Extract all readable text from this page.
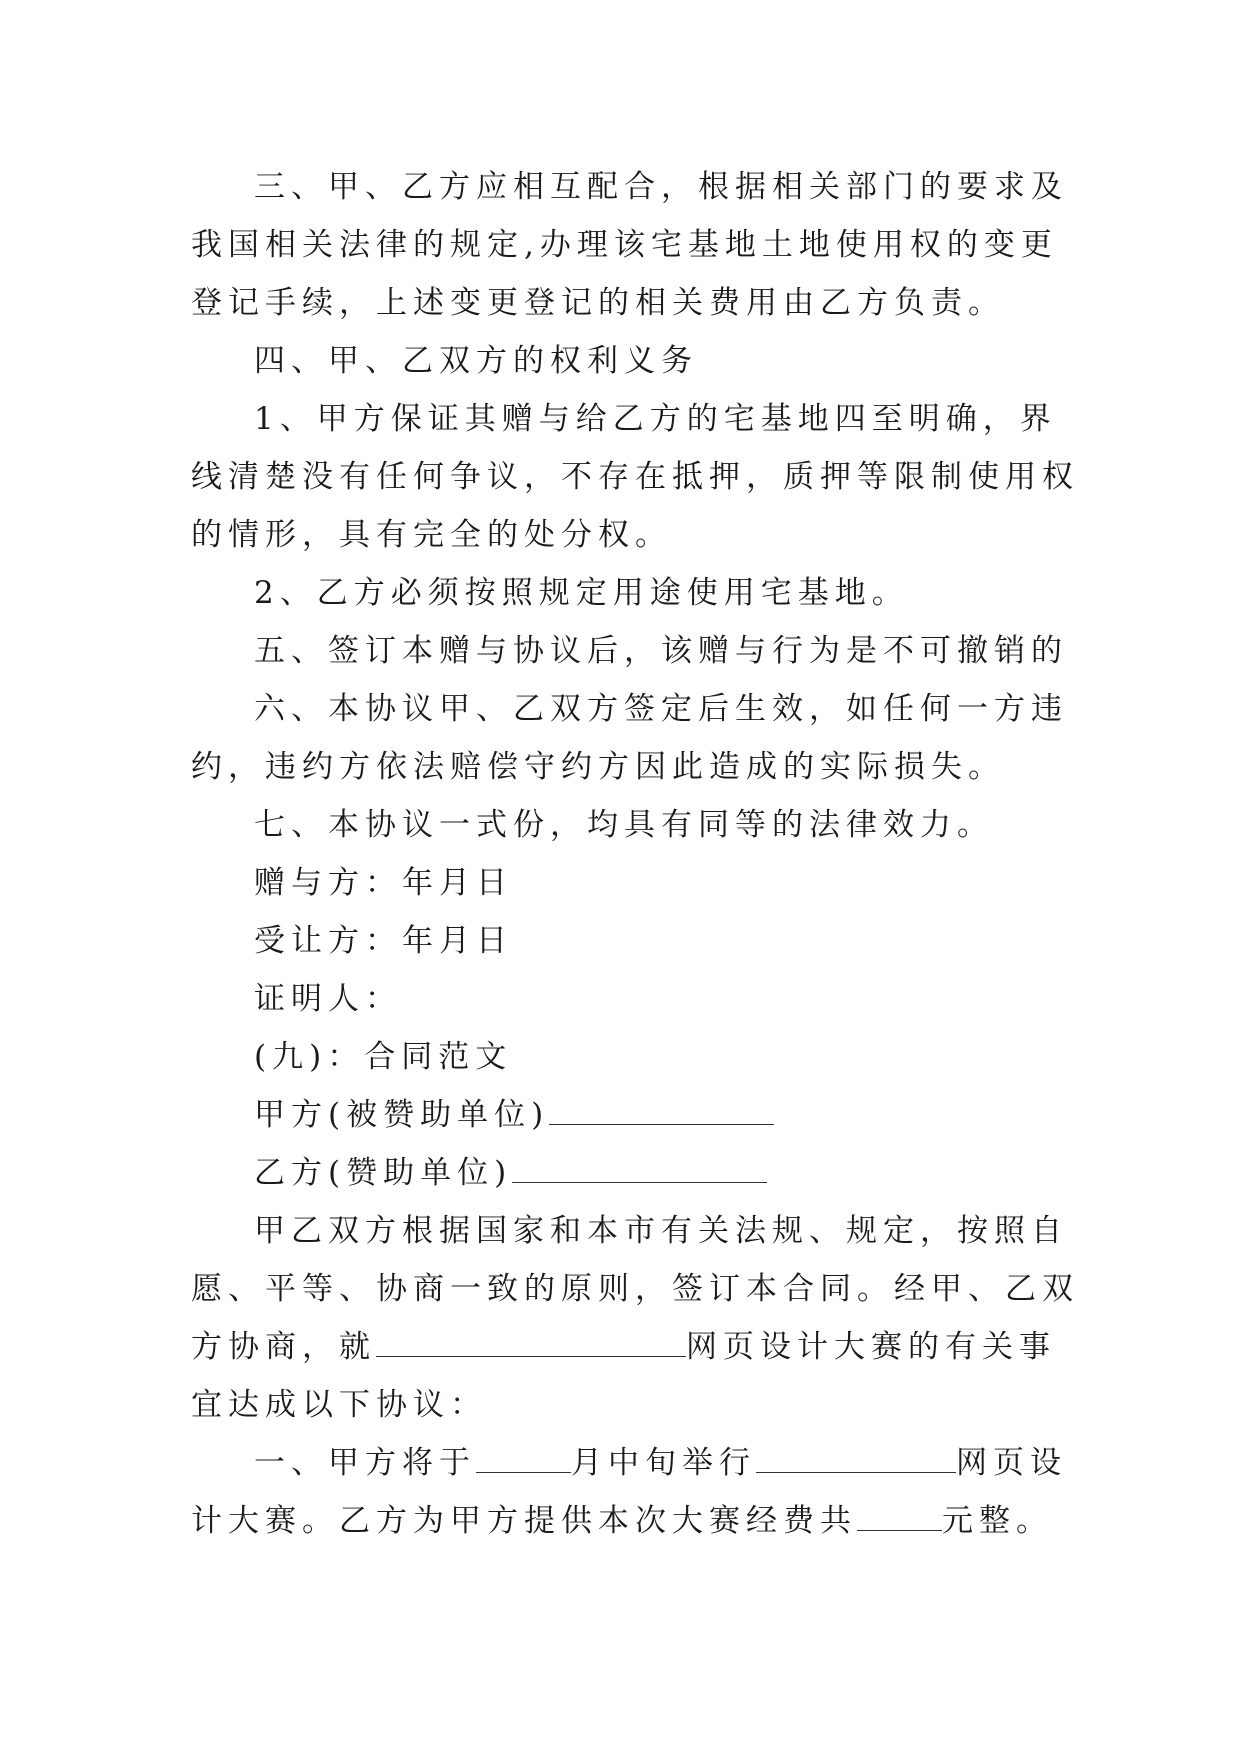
三、甲、乙方应相互配合，根据相关部门的要求及我国相关法律的规定,办理该宅基地土地使用权的变更登记手续，上述变更登记的相关费用由乙方负责。

四、甲、乙双方的权利义务

1、甲方保证其赠与给乙方的宅基地四至明确，界线清楚没有任何争议，不存在抵押，质押等限制使用权的情形，具有完全的处分权。

2、乙方必须按照规定用途使用宅基地。

五、签订本赠与协议后，该赠与行为是不可撤销的

六、本协议甲、乙双方签定后生效，如任何一方违约，违约方依法赔偿守约方因此造成的实际损失。

七、本协议一式份，均具有同等的法律效力。

赠与方：年月日

受让方：年月日

证明人：

(九)：合同范文

甲方(被赞助单位)

乙方(赞助单位)

甲乙双方根据国家和本市有关法规、规定，按照自愿、平等、协商一致的原则，签订本合同。经甲、乙双方协商，就	网页设计大赛的有关事宜达成以下协议：

一、甲方将于	月中旬举行	网页设计大赛。乙方为甲方提供本次大赛经费共	元整。
